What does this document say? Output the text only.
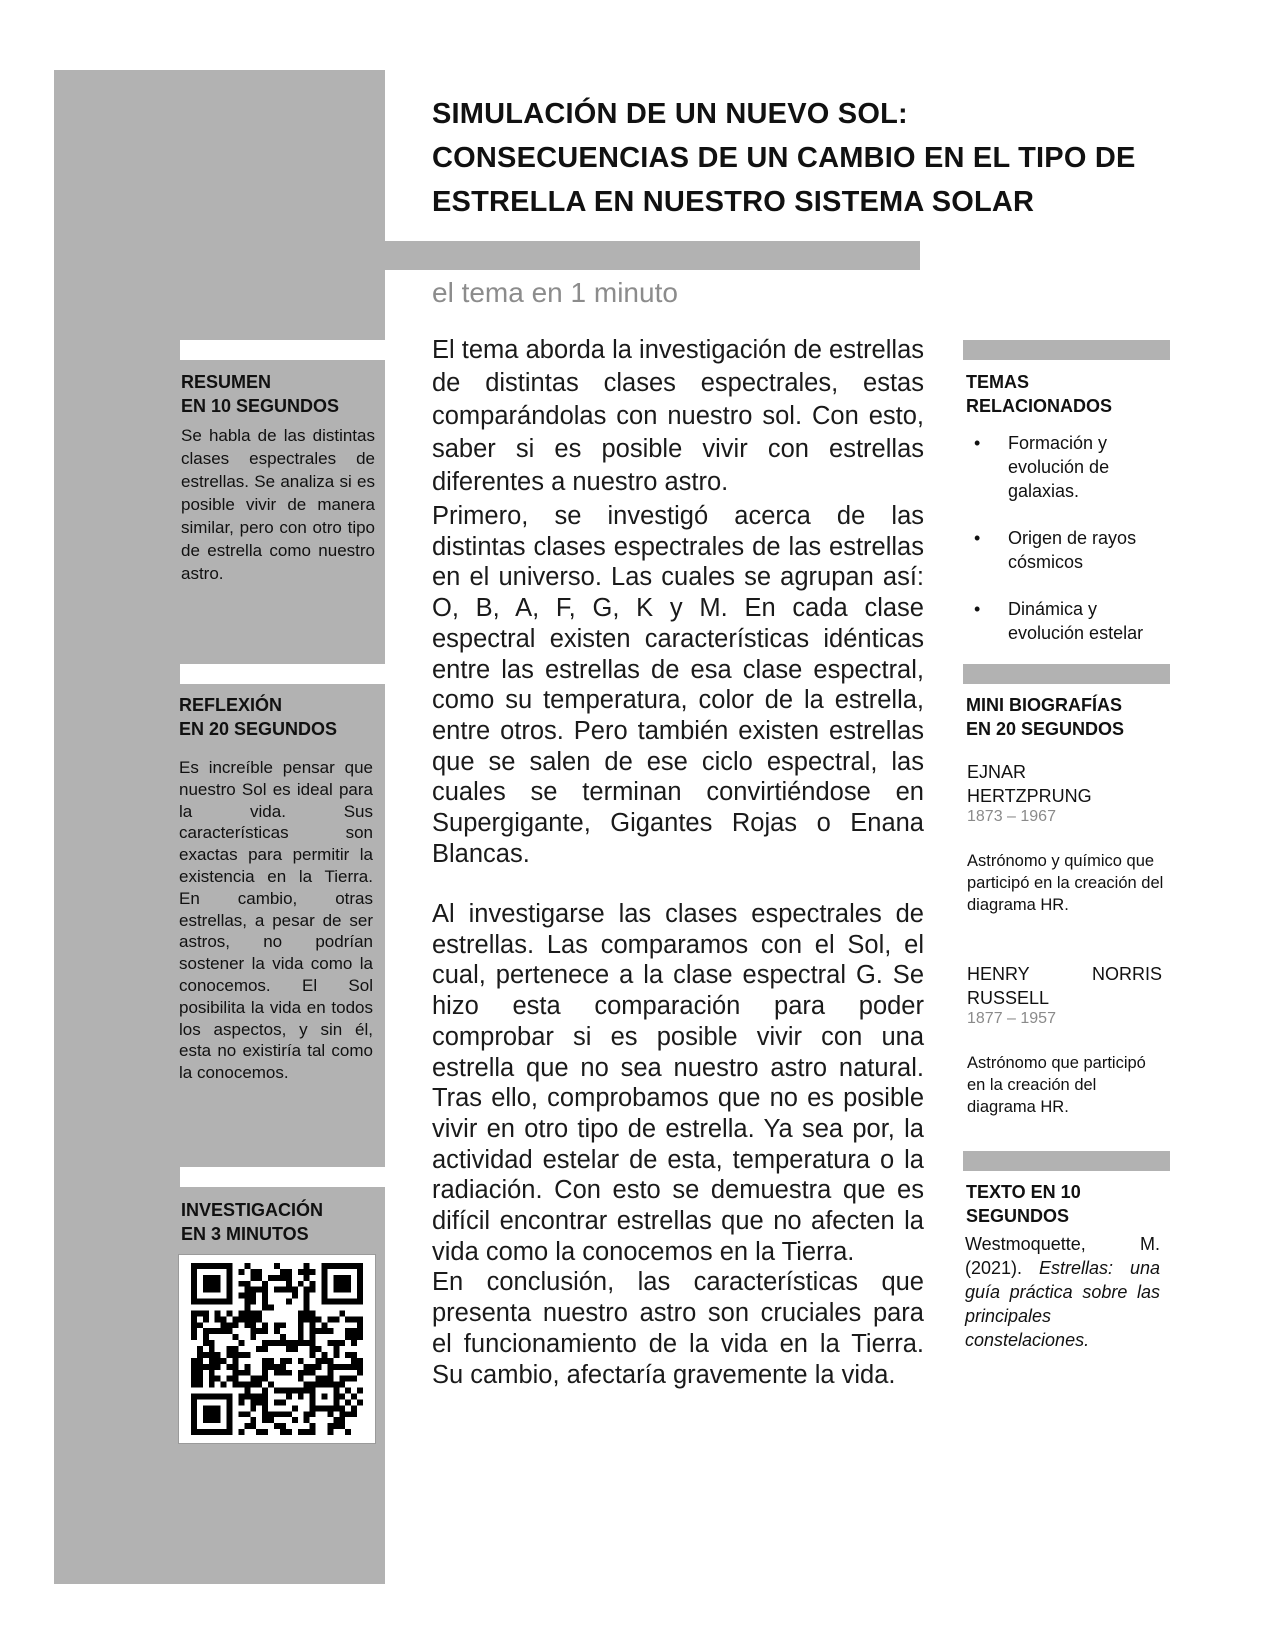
SIMULACIÓN DE UN NUEVO SOL: CONSECUENCIAS DE UN CAMBIO EN EL TIPO DE ESTRELLA EN NUESTRO SISTEMA SOLAR
el tema en 1 minuto
RESUMEN
EN 10 SEGUNDOS
Se habla de las distintas clases espectrales de estrellas. Se analiza si es posible vivir de manera similar, pero con otro tipo de estrella como nuestro astro.
REFLEXIÓN
EN 20 SEGUNDOS
Es increíble pensar que nuestro Sol es ideal para la vida. Sus características son exactas para permitir la existencia en la Tierra. En cambio, otras estrellas, a pesar de ser astros, no podrían sostener la vida como la conocemos. El Sol posibilita la vida en todos los aspectos, y sin él, esta no existiría tal como la conocemos.
INVESTIGACIÓN
EN 3 MINUTOS

El tema aborda la investigación de estrellas de distintas clases espectrales, estas comparándolas con nuestro sol. Con esto, saber si es posible vivir con estrellas diferentes a nuestro astro.

Primero, se investigó acerca de las distintas clases espectrales de las estrellas en el universo. Las cuales se agrupan así: O, B, A, F, G, K y M. En cada clase espectral existen características idénticas entre las estrellas de esa clase espectral, como su temperatura, color de la estrella, entre otros. Pero también existen estrellas que se salen de ese ciclo espectral, las cuales se terminan convirtiéndose en Supergigante, Gigantes Rojas o Enana Blancas.

Al investigarse las clases espectrales de estrellas. Las comparamos con el Sol, el cual, pertenece a la clase espectral G. Se hizo esta comparación para poder comprobar si es posible vivir con una estrella que no sea nuestro astro natural. Tras ello, comprobamos que no es posible vivir en otro tipo de estrella. Ya sea por, la actividad estelar de esta, temperatura o la radiación. Con esto se demuestra que es difícil encontrar estrellas que no afecten la vida como la conocemos en la Tierra.

En conclusión, las características que presenta nuestro astro son cruciales para el funcionamiento de la vida en la Tierra. Su cambio, afectaría gravemente la vida.

TEMAS
RELACIONADOS
• Formación y evolución de galaxias.
• Origen de rayos cósmicos
• Dinámica y evolución estelar
MINI BIOGRAFÍAS
EN 20 SEGUNDOS
EJNAR HERTZPRUNG
1873 – 1967
Astrónomo y químico que participó en la creación del diagrama HR.
HENRY NORRIS RUSSELL
1877 – 1957
Astrónomo que participó en la creación del diagrama HR.
TEXTO EN 10
SEGUNDOS
Westmoquette, M. (2021). Estrellas: una guía práctica sobre las principales constelaciones.
